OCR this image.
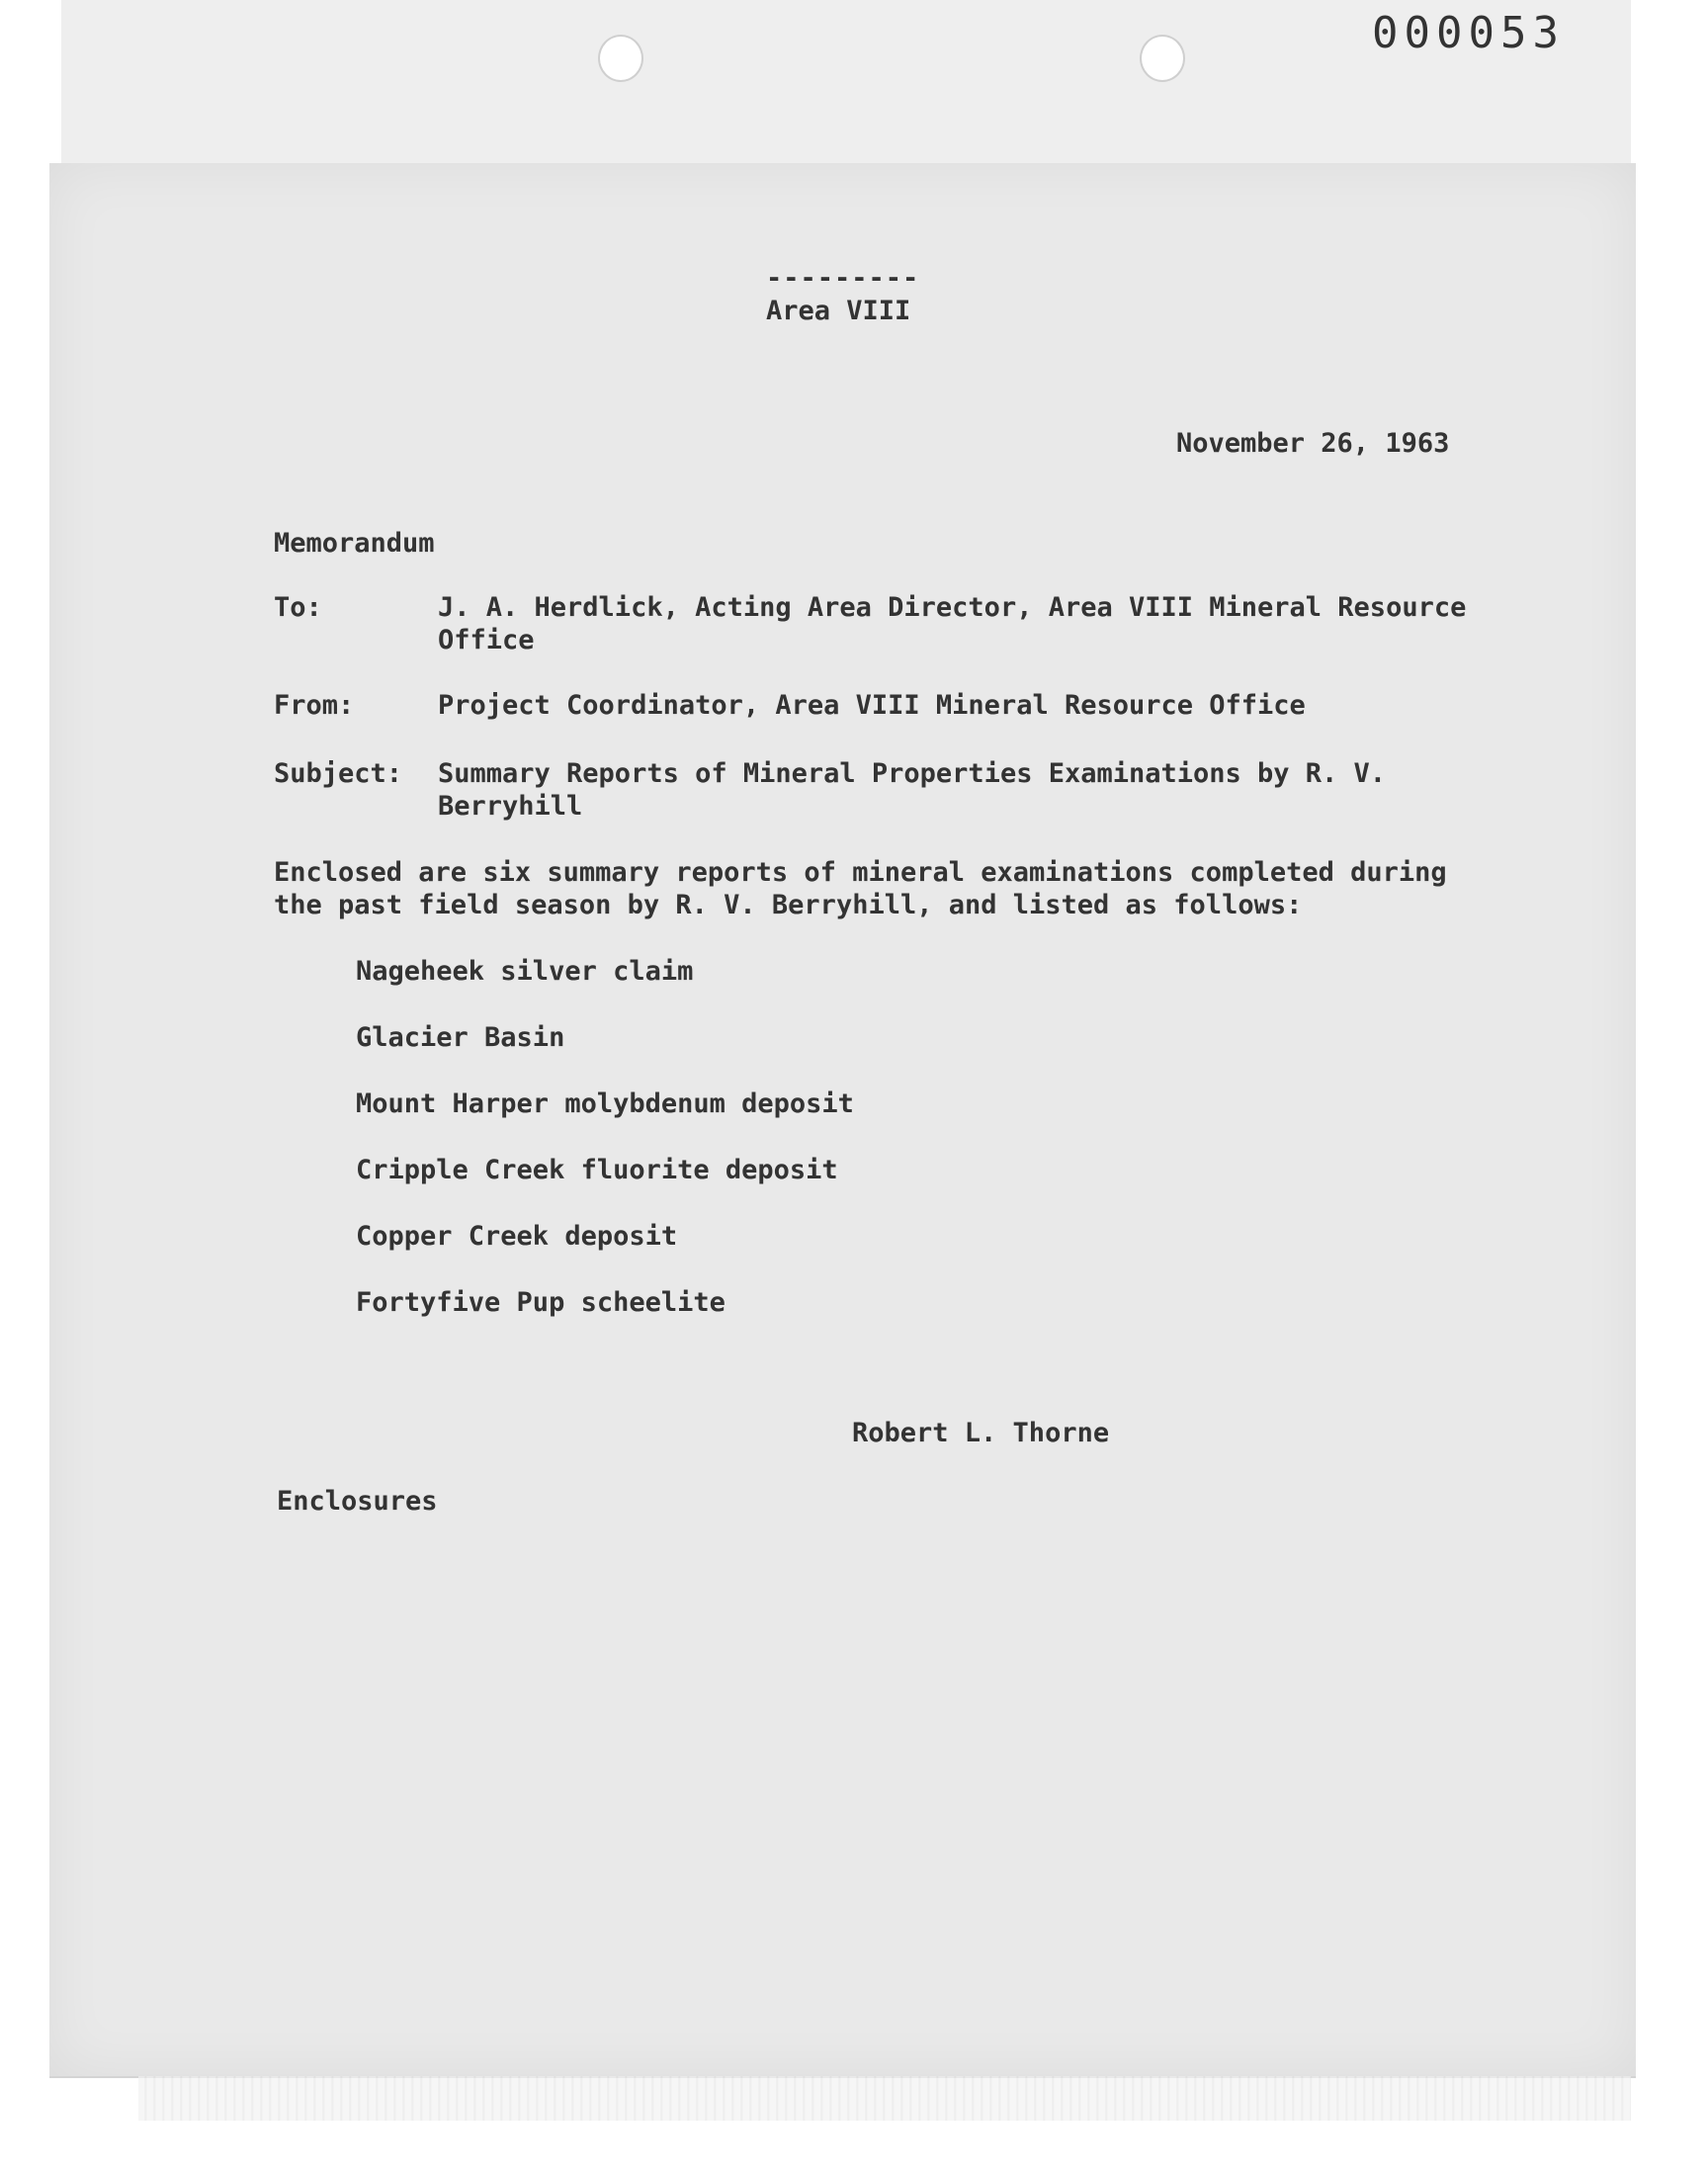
000053
---------
Area VIII
November 26, 1963
Memorandum
To:	J. A. Herdlick, Acting Area Director, Area VIII Mineral Resource
Office
From:	Project Coordinator, Area VIII Mineral Resource Office
Subject: Summary Reports of Mineral Properties Examinations by R. V.
Berryhill
Enclosed are six summary reports of mineral examinations completed during
the past field season by R. V. Berryhill, and listed as follows:
Nageheek silver claim
Glacier Basin
Mount Harper molybdenum deposit
Cripple Creek fluorite deposit
Copper Creek deposit
Fortyfive Pup scheelite
Robert L. Thorne
Enclosures
